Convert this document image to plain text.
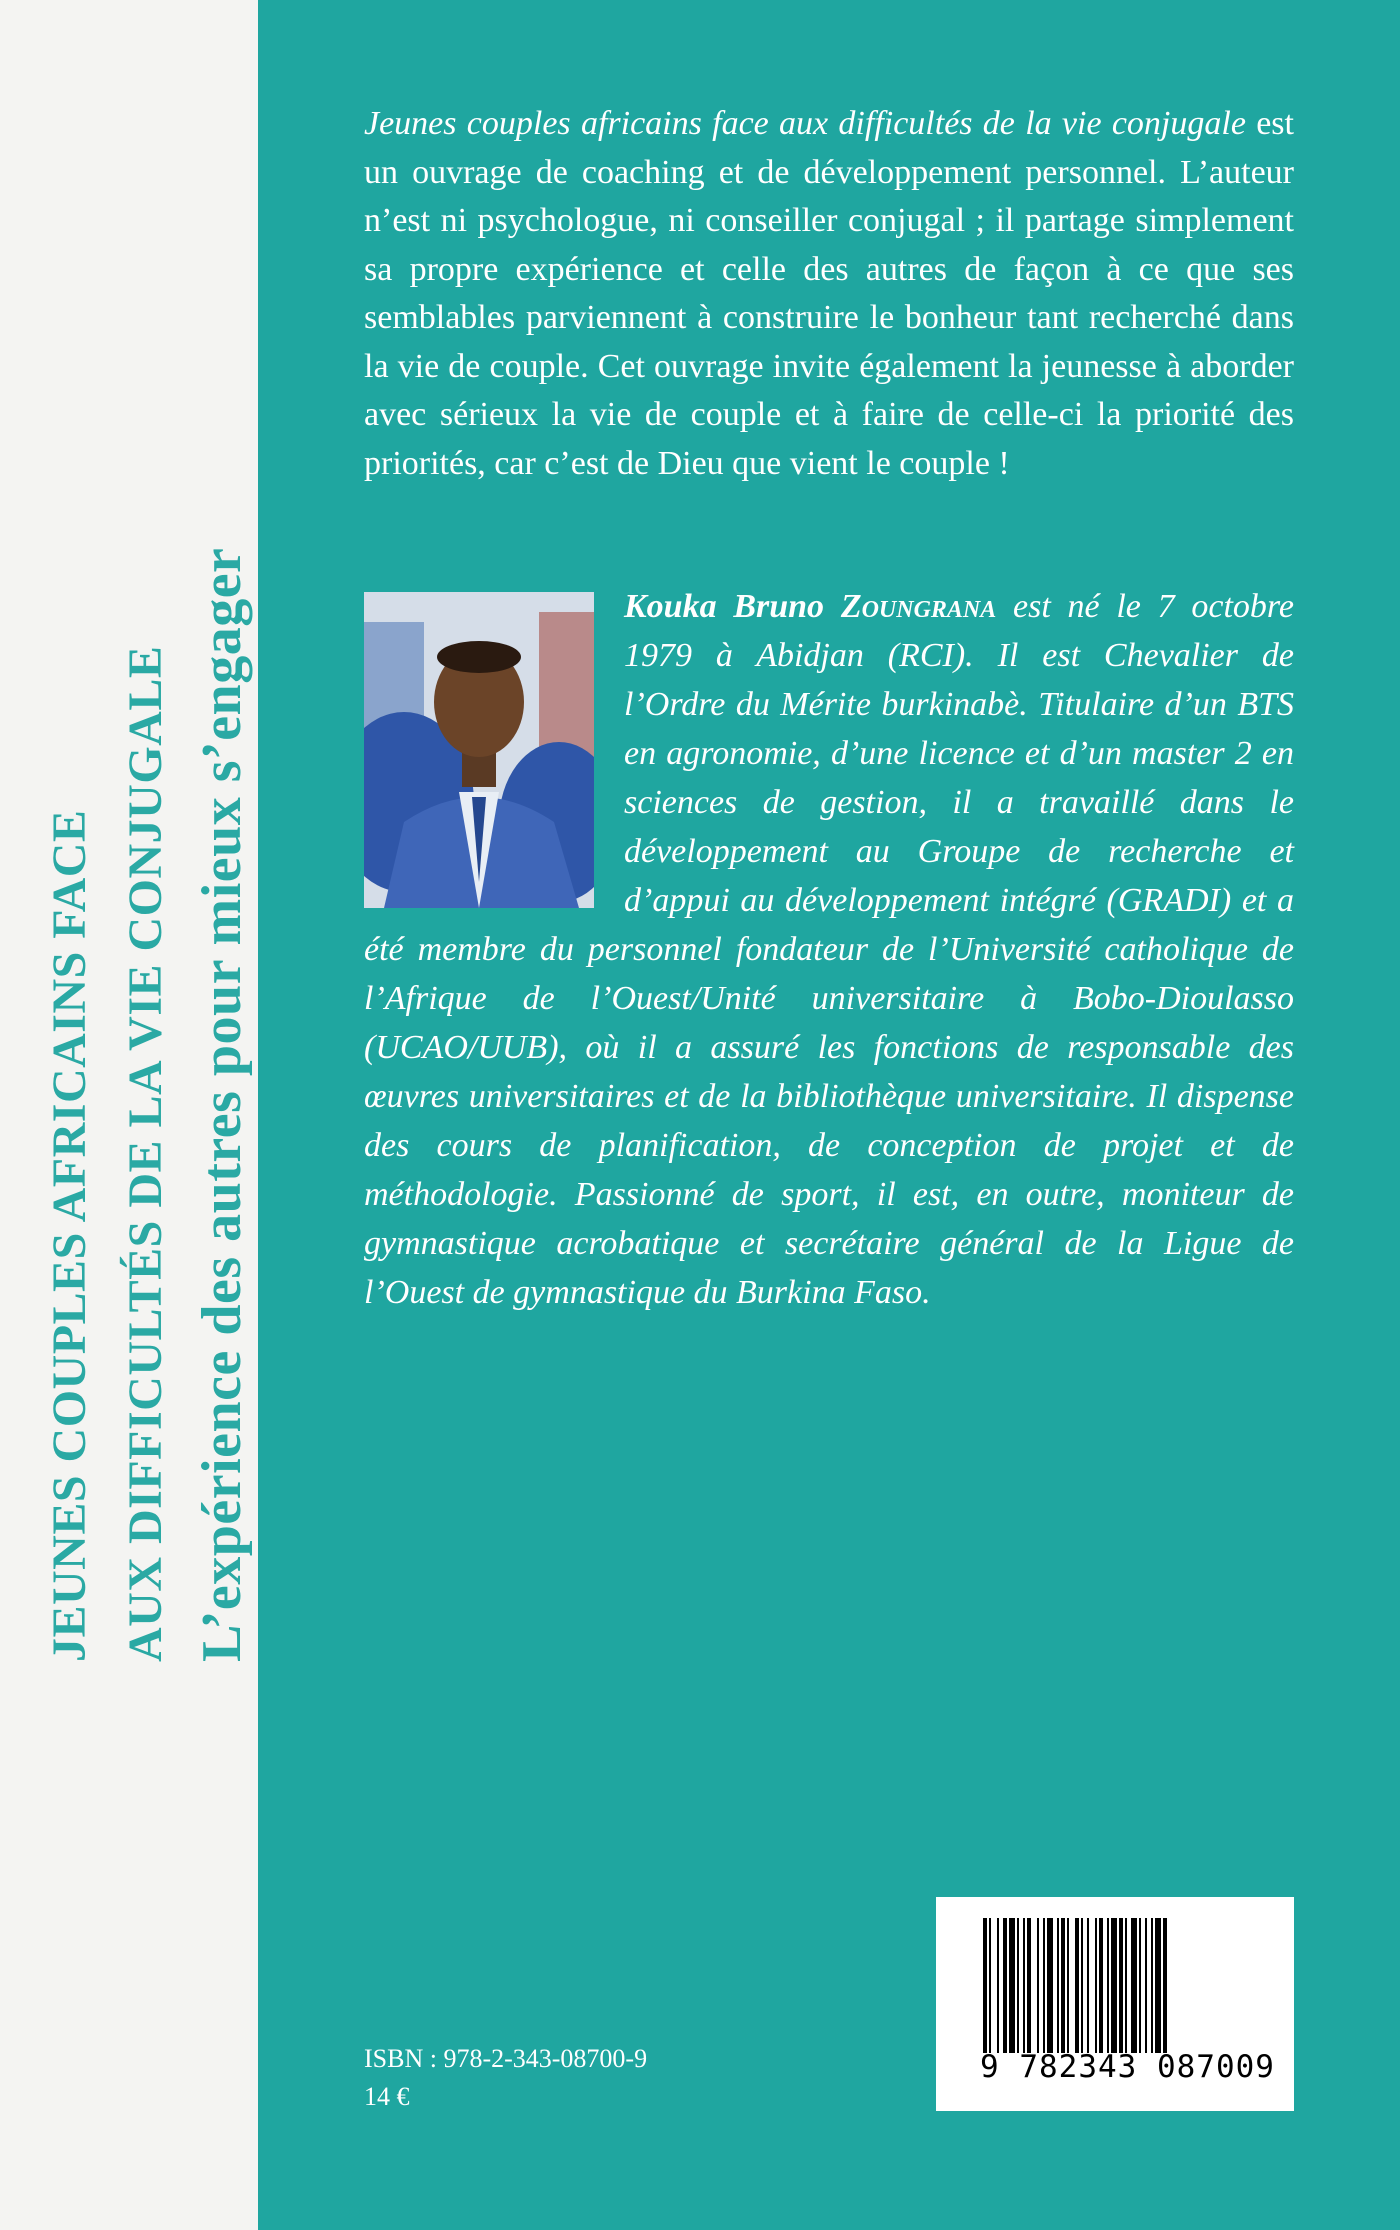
JEUNES COUPLES AFRICAINS FACE AUX DIFFICULTÉS DE LA VIE CONJUGALE L’expérience des autres pour mieux s’engager

Jeunes couples africains face aux difficultés de la vie conjugale est un ouvrage de coaching et de développement personnel. L’auteur n’est ni psychologue, ni conseiller conjugal ; il partage simplement sa propre expérience et celle des autres de façon à ce que ses semblables parviennent à construire le bonheur tant recherché dans la vie de couple. Cet ouvrage invite également la jeunesse à aborder avec sérieux la vie de couple et à faire de celle-ci la priorité des priorités, car c’est de Dieu que vient le couple !

Kouka Bruno Zoungrana est né le 7 octobre 1979 à Abidjan (RCI). Il est Chevalier de l’Ordre du Mérite burkinabè. Titulaire d’un BTS en agronomie, d’une licence et d’un master 2 en sciences de gestion, il a travaillé dans le développement au Groupe de recherche et d’appui au développement intégré (GRADI) et a été membre du personnel fondateur de l’Université catholique de l’Afrique de l’Ouest/Unité universitaire à Bobo-Dioulasso (UCAO/UUB), où il a assuré les fonctions de responsable des œuvres universitaires et de la bibliothèque universitaire. Il dispense des cours de planification, de conception de projet et de méthodologie. Passionné de sport, il est, en outre, moniteur de gymnastique acrobatique et secrétaire général de la Ligue de l’Ouest de gymnastique du Burkina Faso.

ISBN : 978-2-343-08700-9
14 €
9 782343 087009
